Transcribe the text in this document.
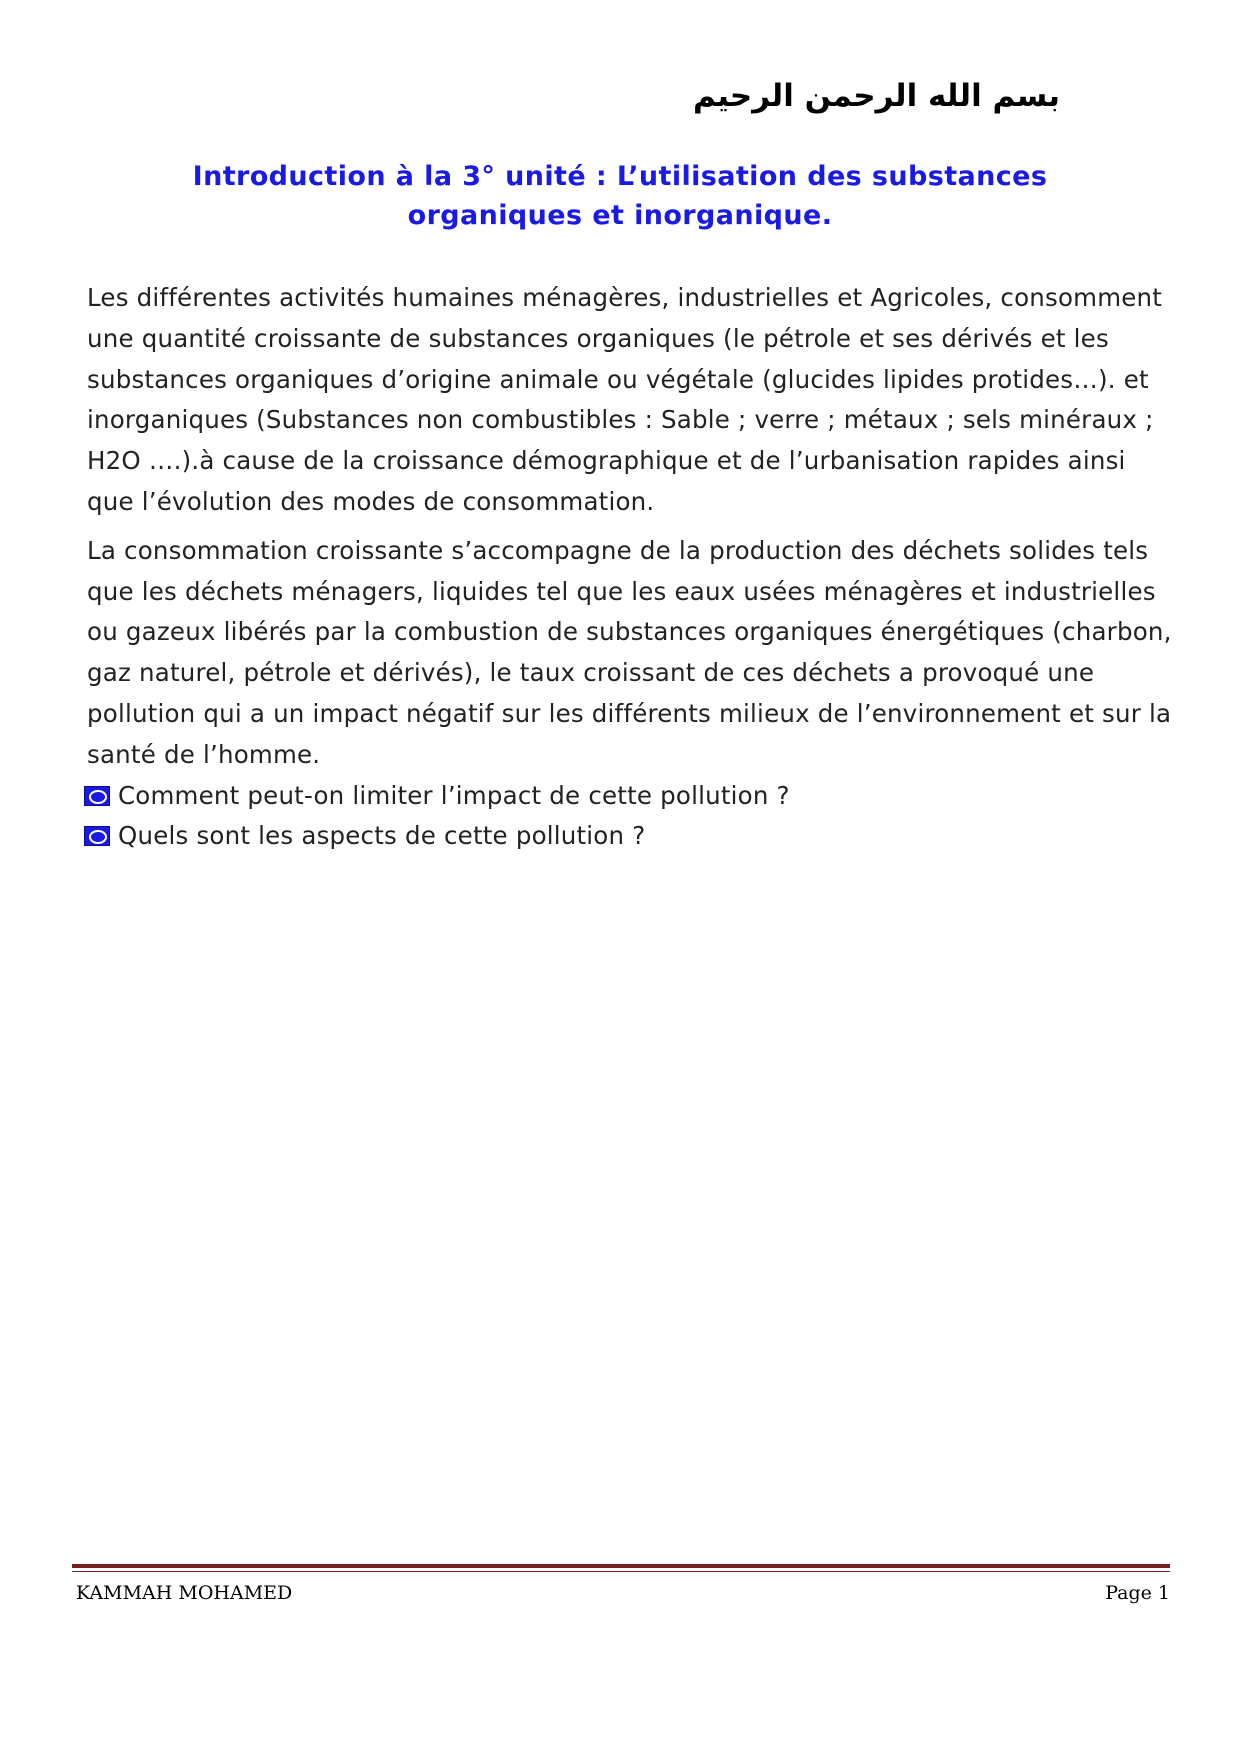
بسم الله الرحمن الرحيم
Introduction à la 3° unité : L’utilisation des substances
organiques et inorganique.

Les différentes activités humaines ménagères, industrielles et Agricoles, consomment une quantité croissante de substances organiques (le pétrole et ses dérivés et les substances organiques d’origine animale ou végétale (glucides lipides protides…). et inorganiques (Substances non combustibles : Sable ; verre ; métaux ; sels minéraux ; H2O ….).à cause de la croissance démographique et de l’urbanisation rapides ainsi que l’évolution des modes de consommation.

La consommation croissante s’accompagne de la production des déchets solides tels que les déchets ménagers, liquides tel que les eaux usées ménagères et industrielles ou gazeux libérés par la combustion de substances organiques énergétiques (charbon, gaz naturel, pétrole et dérivés), le taux croissant de ces déchets a provoqué une pollution qui a un impact négatif sur les différents milieux de l’environnement et sur la santé de l’homme.

Comment peut-on limiter l’impact de cette pollution ?
Quels sont les aspects de cette pollution ?
KAMMAH MOHAMED	Page 1
